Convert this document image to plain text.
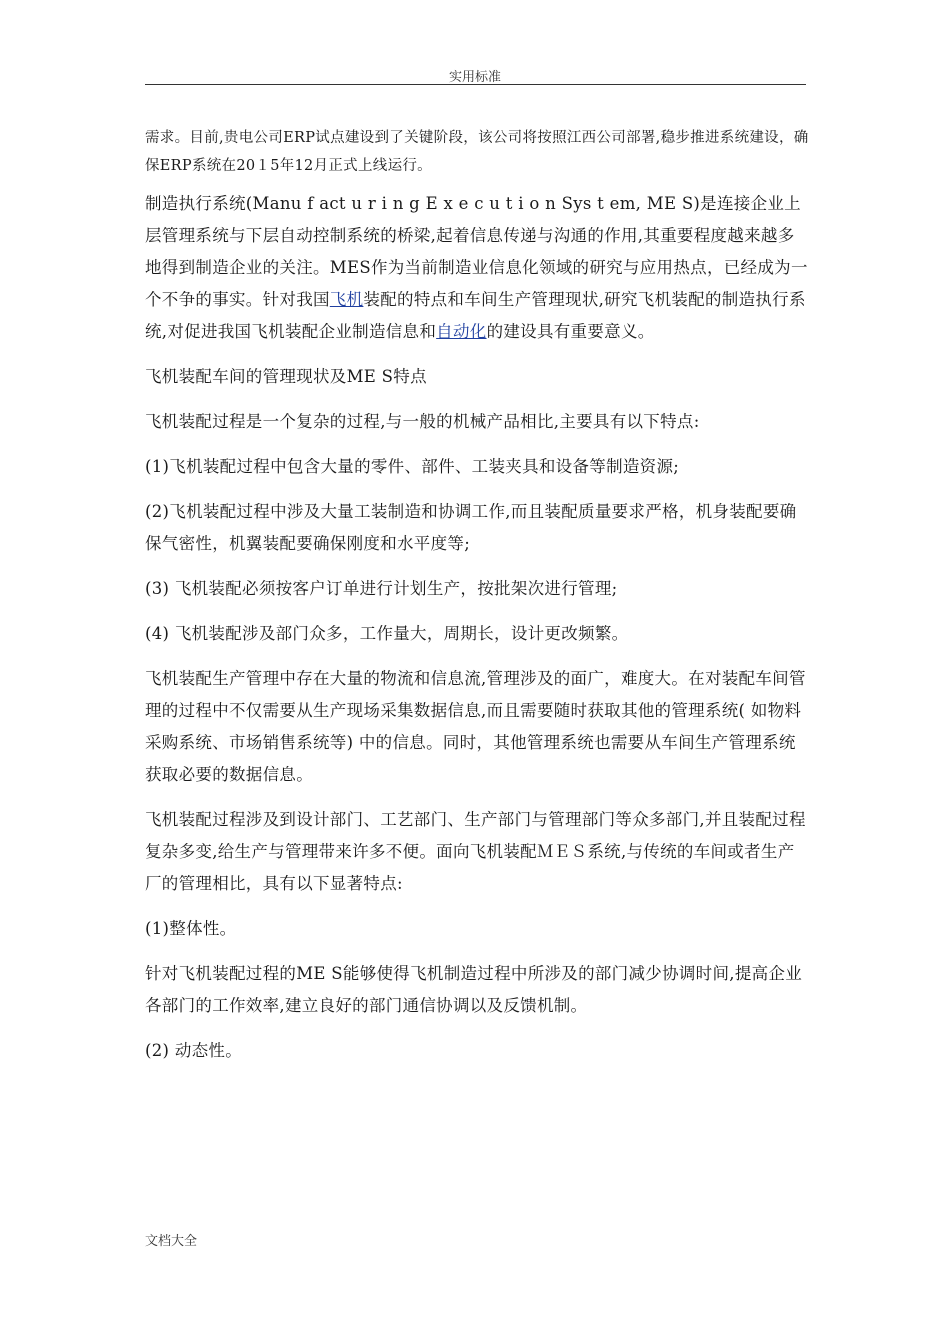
实用标准

需求。目前,贵电公司ERP试点建设到了关键阶段，该公司将按照江西公司部署,稳步推进系统建设，确保ERP系统在20１5年12月正式上线运行。

制造执行系统(Manu f act u r i n g E x e c u t i o n Sys t em, ME S)是连接企业上层管理系统与下层自动控制系统的桥梁,起着信息传递与沟通的作用,其重要程度越来越多地得到制造企业的关注。MES作为当前制造业信息化领域的研究与应用热点，已经成为一个不争的事实。针对我国飞机装配的特点和车间生产管理现状,研究飞机装配的制造执行系统,对促进我国飞机装配企业制造信息和自动化的建设具有重要意义。

飞机装配车间的管理现状及ME S特点

飞机装配过程是一个复杂的过程,与一般的机械产品相比,主要具有以下特点:

(1)飞机装配过程中包含大量的零件、部件、工装夹具和设备等制造资源;

(2)飞机装配过程中涉及大量工装制造和协调工作,而且装配质量要求严格，机身装配要确保气密性，机翼装配要确保刚度和水平度等;

(3) 飞机装配必须按客户订单进行计划生产，按批架次进行管理;

(4) 飞机装配涉及部门众多，工作量大，周期长，设计更改频繁。

飞机装配生产管理中存在大量的物流和信息流,管理涉及的面广，难度大。在对装配车间管理的过程中不仅需要从生产现场采集数据信息,而且需要随时获取其他的管理系统( 如物料采购系统、市场销售系统等) 中的信息。同时，其他管理系统也需要从车间生产管理系统获取必要的数据信息。

飞机装配过程涉及到设计部门、工艺部门、生产部门与管理部门等众多部门,并且装配过程复杂多变,给生产与管理带来许多不便。面向飞机装配ＭＥＳ系统,与传统的车间或者生产厂的管理相比，具有以下显著特点:

(1)整体性。

针对飞机装配过程的ME S能够使得飞机制造过程中所涉及的部门减少协调时间,提高企业各部门的工作效率,建立良好的部门通信协调以及反馈机制。

(2) 动态性。

文档大全
